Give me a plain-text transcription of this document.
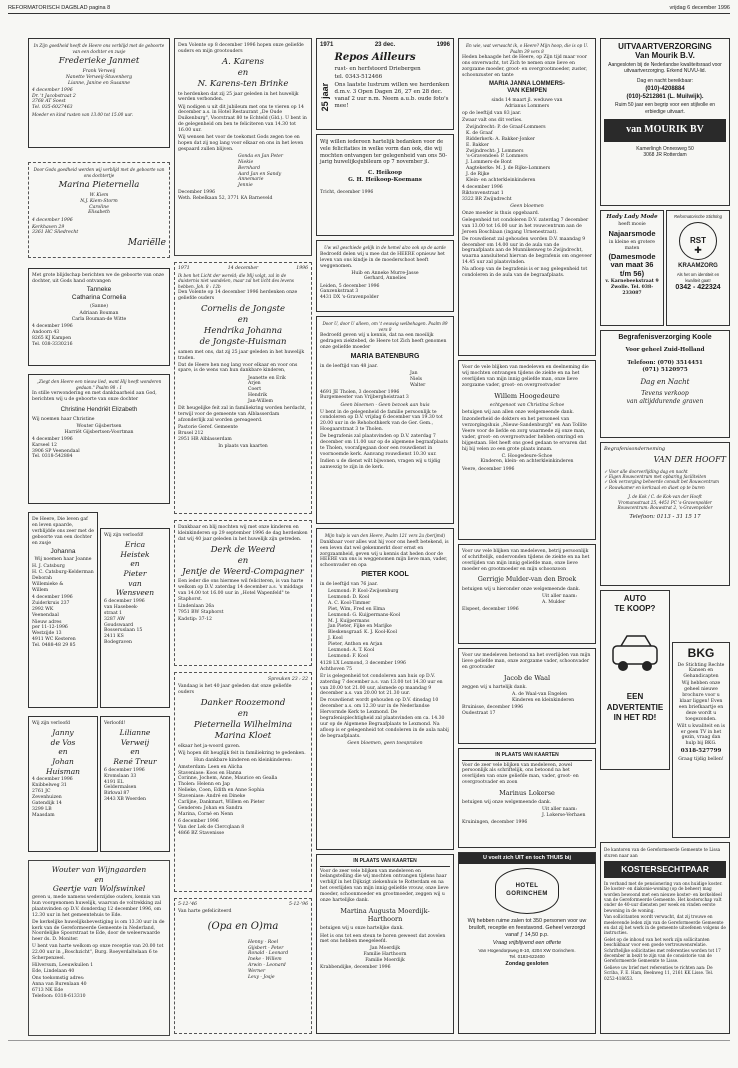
REFORMATORISCH DAGBLAD pagina 8	vrijdag 6 december 1996

In Zijn goedheid heeft de Heere ons verblijd met de geboorte van een dochter en zusje

Frederieke Janmet

Frank Verweij
Nanette Verweij-Stuvenberg
Lianne, Janine en Susanne

4 december 1996
Dr. 't Jacobstraat 2
3768 AT Soest
Tel. 035-6027463

Moeder en kind rusten van 13.00 tot 15.00 uur.

Door Gods goedheid werden wij verblijd met de geboorte van ons dochtertje

Marina Pieternella

W. Kiem
N.J. Kiem-Storm
Caroline
Elisabeth

4 december 1996

Kerkhaven 29
3361 HC Sliedrecht

Mariëlle

Met grote blijdschap berichten we de geboorte van onze dochter, uit Gods hand ontvangen

Tanneke
Catharina Cornelia

(Sanne)

Adriaan Bouman
Carla Bouman-de Witte

4 december 1996
Andoorn 43
8265 KJ Kampen
Tel. 038-3330216

„Ziegt den Heere een nieuw lied, want Hij heeft wonderen gedaan." Psalm 98 : 1

In stille verwondering en met dankbaarheid aan God, berichten wij u de geboorte van onze dochter

Christine Hendriët Elizabeth

Wij noemen haar Christine

Wouter Gijsbertsen
Harriët Gijsbertsen-Voortman

4 december 1996
Karseel 12
3906 SP Veenendaal
Tel. 0318-542884

De Heere, Die leven gaf en leven spaarde, verblijdde ons zeer met de geboorte van een dochter en zusje

Johanna

Wij noemen haar Joanne

H. J. Catsburg
H. C. Catsburg-Kelderman
Deborah
Willemieke &
Willem

4 december 1996
Zuiderkruis 237
2992 WK
Veenendaal

Nieuw adres
per 11-12-1996
Westzijde 13
4911 WC Kesteren
Tel. 0488-48 29 85

Wij zijn verloofd!

Erica
Heistek
en
Pieter
van
Wensveen

6 december 1996
van Hasebeek-
straat 1
3287 AW
Goudswaard
Bosseruslaan 15
2411 KS
Bodegraven

Wij zijn verloofd

Janny
de Vos
en
Johan
Huisman

4 december 1996
Knibbelweg 31
2761 JC
Zevenhuizen
Gatendijk 14
3299 LB
Maasdam

Verloofd!

Lilianne
Verweij
en
René Treur

6 december 1996
Kromslaan 33
4191 EL
Geldermalsen
Birkwal 87
3443 XB Woerden

Wouter van Wijngaarden
en
Geertje van Wolfswinkel

geven u, mede namens wederzijdse ouders, kennis van hun voorgenomen huwelijk, waarvan de voltrekking zal plaatsvinden op D.V. donderdag 12 december 1996, om 12.30 uur in het gemeentehuis te Ede.

De kerkelijke huwelijksbevestiging is om 13.30 uur in de kerk van de Gereformeerde Gemeente in Nederland, Noordelijke Spoorstraat te Ede, door de weleerwaarde heer ds. D. Moniter.

U bent van harte welkom op onze receptie van 20.00 tot 22.00 uur in „Boschzicht", Burg. Roeyerdaltelaan 6 te Scherpenzeel.

Hilversum, Leeuwkuilen 1
Ede, Lindelaan 40

Ons toekomstig adres:
Anna van Burenlaan 40
6713 NK Ede
Telefoon: 0318-613310

Den Volente op 8 december 1996 hopen onze geliefde ouders en mijn grootouders

A. Karens
en
N. Karens-ten Brinke

te herdenken dat zij 25 jaar geleden in het huwelijk werden verbonden.

Wij nodigen u uit dit jubileum met ons te vieren op 14 december a.s. in Hotel Restaurant „De Oude Duikenburg", Voorstraat 80 te Echteld (Gld.). U bent in de gelegenheid om ben te feliciteren van 14.30 tot 16.00 uur.

Wij wensen het voor de toekomst Gods zegen toe en hopen dat zij nog lang voor elkaar en ons in het leven gespaard zullen blijven.

Gonda en Jan Peter
Niekie
Bernhard
Aard Jan en Sandy
Annemarie
Jennie

December 1996
Weth. Rebelkaan 52, 3771 KA Barneveld

1971	14 december	1996

Ik ben het Licht der wereld; die Mij volgt, zal in de duisternis niet wandelen, maar zal het licht des levens hebben. Joh. 8 : 12b

Den Volente op 14 december 1996 herdenken onze geliefde ouders

Cornelis de Jongste
en
Hendrika Johanna
de Jongste-Huisman

samen met ons, dat zij 25 jaar geleden in het huwelijk traden.

Dat de Heere hen nog lang voor elkaar en voor ons spare, is de wens van hun dankbare kinderen,

Jeanette en Erik
Arjen
Coert
Hendrik
Jan-Willem

Dit heugelijke feit zal in familiekring worden herdacht, terwijl voor de gemeente van Alblasserdam afzonderlijk zal worden gereageerd.

Pastorie Geref. Gemeente
Brusel 212
2951 HR Alblasserdam

In plaats van kaarten

Dankbaar en blij mochten wij met onze kinderen en kleinkinderen op 29 september 1996 de dag herdenken dat wij 40 jaar geleden in het huwelijk zijn getreden.

Derk de Weerd
en
Jentje de Weerd-Compagner

Een ieder die ons hiermee wil feliciteren, is van harte welkom op D.V. zaterdag 14 december a.s. 's middags van 14.00 tot 16.00 uur in „Hotel Wapenfeld" te Staphorst.

Lindenlaan 26a
7951 BW Staphorst

Kadstip: 37-12

Spreuken 23 : 22

Vandaag is het 40 jaar geleden dat onze geliefde ouders

Danker Roozemond
en
Pieternella Wilhelmina
Marina Kloet

elkaar het ja-woord gaven.

Wij hopen dit heuglijk feit in familiekring te gedenken.

Hun dankbare kinderen en kleinkinderen:

Amsterdam: Leen en Alicha
Staveniase: Koos en Hanna
Corinne, Jochem, Anne, Maurice en Gealla
Tholen: Helenn en Jap
Nelieke, Coen, Edith en Anne Sophia
Staveniase: André en Dineke
Carlijne, Dankmart, Willem en Pieter
Genderen: Johan en Sandra
Marina, Corné en Nenn

6 december 1996
Van der Lek de Clercqlaan 8
4866 BZ Stavenisse

5-12-'46	5-12-'96

Van harte gefeliciteerd

(Opa en O)ma

Henny - Roel
Gijsbert - Peter
Ronald - Leonard
Ineke - Willem
Arwin - Leonard
Werner
Lexy - Josje

1971	23 dec.	1996
25 jaar
Repos Ailleurs

rust- en herfstoord Driebergen
tel. 0343-512466

Ons laatste lustrum willen we herdenken d.m.v. 3 Open Dagen 26, 27 en 28 dec. vanaf 2 uur n.m. Neem a.u.b. oude foto's mee!

Wij willen iedereen hartelijk bedanken voor de vele felicitaties in welke vorm dan ook, die wij mochten ontvangen ter gelegenheid van ons 50-jarig huwelijksjubileum op 7 november jl.

C. Heikoop
G. H. Heikoop-Koemans

Tricht, december 1996

Uw wil geschiede gelijk in de hemel alzo ook op de aarde

Bedroefd delen wij u mee dat de HEERE opnieuw het leven van ons kindje in de moederschoot heeft weggenomen.

Huib en Anneke Murre-Jasse
Gerhard, Annelies

Leiden, 5 december 1996
Ganzenkstraat 3
4431 DX 's-Gravenpolder

Door U, door U alleen, om 't eeuwig welbehagen. Psalm 89 vers 8

Bedroefd geven wij u kennis, dat na een moeilijk gedragen ziektebed, de Heere tot Zich heeft genomen onze geliefde moeder

MARIA BATENBURG

in de leeftijd van 48 jaar.

Jan
Niels
Walter

4691 JE Tholen, 3 december 1996
Burgemeester van Vrijbergheistraat 3

Geen bloemen - Geen bezoek aan huis

U bent in de gelegenheid de familie persoonlijk te condoleren op D.V. vrijdag 6 december van 19.30 tot 20.00 uur in de Rehobothkerk van de Ger. Gem., Hoogaarstraat 3 te Tholen.

De begrafenis zal plaatsvinden op D.V. zaterdag 7 december om 11.00 uur op de algemene begraafplaats te Tholen, voorafgegaan door een rouwdienst in voornoemde kerk. Aanvang rouwdienst 10.30 uur.

Indien u de dienst wilt bijwonen, vragen wij u tijdig aanwezig te zijn in de kerk.

Mijn hulp is van den Heere, Psalm 121 vers 2a (berijmd)

Dankbaar voor alles wat hij voor ons heeft betekend, is een leven dat wel gekenmerkt door ernst en zorgzaamheid, geven wij u kennis dat heden door de HEERE van ons is weggenomen mijn lieve man, vader, schoonvader en opa

PIETER KOOL

in de leeftijd van 76 jaar.

Lexmond: P. Kool-Zwijsenburg
Lexmond: D. Kool
A. C. Kool-Timmer
Piet, Wim, Fred en Elma
Lexmond: G. Kuijpermans-Kool
M. J. Kuijpermans
Jan Pieter, Fijke en Marijke
Bleskensgraaf: K. J. Kool-Kool
J. Kool
Pieter, Anthon en Arjan
Lexmond: A. T. Kool
Lexmond: F. Kool

4128 LX Lexmond, 3 december 1996
Achthoven 75

Er is gelegenheid tot condoleren aan huis op D.V. zaterdag 7 december a.s. van 13.00 tot 14.30 uur en van 20.00 tot 21.00 uur, alsmede op maandag 9 december a.s. van 20.00 tot 21.30 uur.

De rouwdienst wordt gehouden op D.V. dinsdag 10 december a.s. om 12.30 uur in de Nederlandse Hervormde Kerk te Lexmond. De begrafenisplechtigheid zal plaatsvinden om ca. 14.30 uur op de Algemene Begraafplaats te Lexmond. Na afloop is er gelegenheid tot condoleren in de aula nabij de begraafplaats.

Geen bloemen, geen toespraken

IN PLAATS VAN KAARTEN

Voor de zeer vele blijken van medeleven en belangstelling die wij mochten ontvangen tijdens haar verblijf in het Dijkzigt ziekenhuis te Rotterdam en na het overlijden van mijn innig geliefde vrouw, onze lieve moeder, schoonmoeder en grootmoeder, zeggen wij u onze hartelijke dank.

Martina Augusta Moerdijk-
Harthoorn

betuigen wij u onze hartelijke dank.

Het is ons tot een steun te horen geweest dat zovelen met ons hebben meegeleefd.

Jan Moerdijk
Familie Harthoorn
Familie Moerdijk

Krabbendijke, december 1996

En wie, wat verwacht ik, o Heere? Mijn hoop, die is op U. Psalm 39 vers 8

Heden behaagde het de Heere, op Zijn tijd maar voor ons onverwacht, tot Zich te nemen onze lieve en zorgzame moeder, groot- en overgrootmoeder, zuster, schoonzuster en tante

MARIA JANNA LOMMERS-
VAN KEMPEN

sinds 14 maart jl. weduwe van
Adrianus Lommers

op de leeftijd van 83 jaar.

Zwaar valt ons dit verlies.

Zwijndrecht: P. de Graaf-Lommers
K. de Graaf
Ridderkerk: A. Bakker-Jonker
E. Bakker
Zwijndrecht: J. Lommers
's-Gravendeel: P. Lommers
J. Lommers-de Bont
Aagtekerke: M. J. de Rijke-Lommers
J. de Rijke
Klein- en achterkleinkinderen

4 december 1996
Riktonvenstraat 1
3322 BR Zwijndrecht

Geen bloemen

Onze moeder is thuis opgebaard.

Gelegenheid tot condoleren D.V. zaterdag 7 december van 13.00 tot 16.00 uur in het rouwcentrum aan de Jeroen Boschlaan (ingang Urnenestraat).

De rouwdienst zal gehouden worden D.V. maandag 9 december om 14.00 uur in de aula van de begraafplaats aan de Munnikenweg te Zwijndrecht, waarna aansluitend hiervan de begrafenis om ongeveer 14.45 uur zal plaatsvinden.

Na afloop van de begrafenis is er nog gelegenheid tot condoleren in de aula van de begraafplaats.

Voor de vele blijken van medeleven en deelneming die wij mochten ontvangen tijdens de ziekte en na het overlijden van mijn innig geliefde man, onze lieve zorgzame vader, groot- en overgrootvader

Willem Hoogedeure

echtgenoot van Christina Schoe

betuigen wij aan allen onze welgemeende dank.

Inzonderheid de dokters en het personeel van verzorgingshuis „Nieuw-Sandenburgh" en Aan Tollite Veere voor de liefde en zorg waarmede zij onze man, vader, groot- en overgrootvader hebben omringd en bijgestaan. Het heeft ons goed gedaan te ervaren dat hij bij velen zo een grote plaats innam.

C. Hoogedeure-Schoe
Kinderen, klein- en achterkleinkinderen

Veere, december 1996

Voor uw vele blijken van medeleven, betrij persoonlijk of schriftelijk, ondervonden tijdens de ziekte en na het overlijden van mijn innig geliefde man, onze lieve moeder en grootmoeder en mijn schoonzoon

Gerrigje Mulder-van den Broek

betuigen wij u hieronder onze welgemeende dank.

Uit aller naam:
A. Mulder

Elspeet, december 1996

Voor uw medeleven betoond na het overlijden van mijn lieve geliefde man, onze zorgzame vader, schoonvader en grootvader

Jacob de Waal

zeggen wij u hartelijk dank.

A. de Waal-van Engelen
Kinderen en kleinkinderen

Bruinisse, december 1996
Oudestraat 17

IN PLAATS VAN KAARTEN

Voor de zeer vele blijken van medeleven, zowel persoonlijk als schriftelijk, ons betoond na het overlijden van onze geliefde man, vader, groot- en overgrootvader en zoon

Marinus Lokerse

betuigen wij onze welgemeende dank.

Uit aller naam:
J. Lokerse-Verhaen

Kruiningen, december 1996

U voelt zich UIT en toch THUIS bij
HOTEL
GORINCHEM

Wij hebben ruime zalen tot 350 personen voor uw bruiloft, receptie en feestavond. Geheel verzorgd vanaf ƒ 14,50 p.p.

Vraag vrijblijvend een offerte

Van Hogendorpweg 8-10, 4204 XW Gorinchem.
Tel. 0183-622400

Zondag gesloten

UITVAARTVERZORGING
Van Mourik B.V.

Aangesloten bij de Nederlandse kwaliteitsraad voor uitvaartverzorging. Erkend NUVU-lid.

Dag en nacht bereikbaar:

(010)-4208884
(010)-5212861 (L. Muilwijk).

Ruim 50 jaar een begrip voor een stijlvolle en erbiedige uitvaart.

van MOURIK BV

Kamerlingh Onnesweg 50
3068 JR Rotterdam

Hady Lady Mode

heeft mooie

Najaarsmode

in kleine en grotere maten

(Damesmode van maat 36 t/m 56)

v. Karnebeekstraat 9
Zwolle. Tel. 038-233087

Reformatorische Stichting
RST
✚
KRAAMZORG

Als het om identiteit en kwaliteit gaat!

0342 - 422324
Begrafenisverzorging Koole

Voor geheel Zuid-Holland

Telefoon: (070) 3514451
(071) 5120975

Dag en Nacht

Tevens verkoop
van altijddurende graven

Begrafenisonderneming
VAN DER HOOFT

✓ Voor alle doorverlijding dag en nacht
✓ Eigen Rouwcentrum met opbaring faciliteiten
✓ Ook verzorging beheerde consult bet Rouwcentrum
✓ Rouwkamer en kerkzaal en diaet op te buren

J. de Kok / C. de Kok-van der Hooft
Vromansstraat 25, 4451 PC 's-Gravenpolder
Rouwcentrum: Bouwstrat 2, 's-Gravenpolder

Telefoon: 0113 - 31 15 17

AUTO
TE KOOP?
EEN
ADVERTENTIE
IN HET RD!
BKG

De Stichting Rechte Kansen en Gehandicapten

Wij hebben onze geheel nieuwe brochure voor u klaar liggen! Even een briefkaartje en deze wordt u toegezonden.

Wilt u kwaliteit en is er geen TV in het gezin, vraag dan hulp bij BKG.

0318-527799

Graag tijdig bellen!

De kantoren van de Gereformeerde Gemeente te Lissa sturen naar aan

KOSTERSECHTPAAR

In verband met de pensionering van ons huidige koster. De koster- en diakonie-woning (op de beheer) mag worden bewoond met een nieuwe koster- en kerkeldeel van de Gereformeerde Gemeente. Het kosterschap valt onder de 40-uur diensten per week en vinden eerste bewoning in de woning.

Van sollicitanten wordt verwacht, dat zij trouwe en meelevende leden zijn van de Gereformeerde Gemeente en dat zij het werk in de gemeente uitoefenen volgens de instructies.

Gelet op de inhoud van het werk zijn sollicitanten beschikbaar voor een goede vertrouwensrelatie. Schriftelijke sollicitaties met referenties worden tot 17 december in bezit te zijn van de consistorie van de Gereformeerde Gemeente te Lisse.

Gelieve uw brief met referenties te richten aan: De Scriba, F. E. Ham, Beekweg 11, 2161 KK Lisse. Tel. 0252-418653.
